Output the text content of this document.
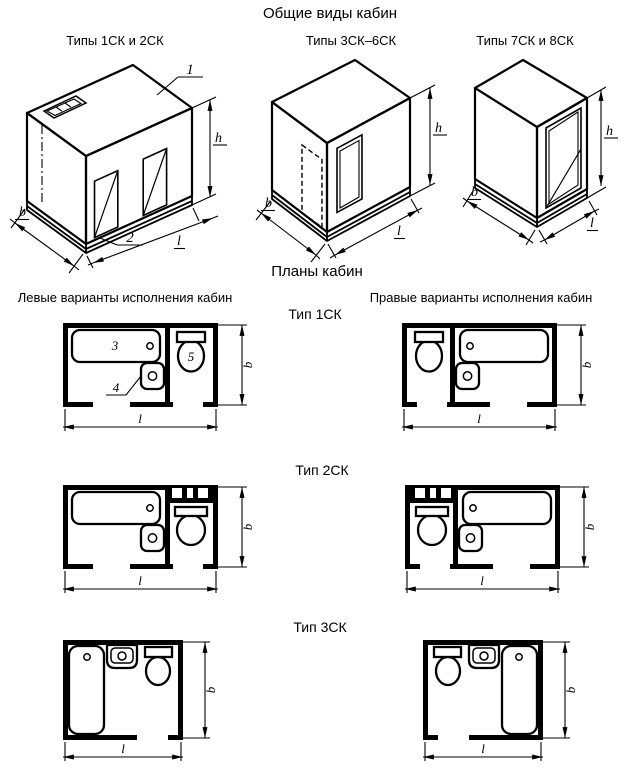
Общие виды кабин
Типы 1СК и 2СК	Типы 3СК–6СК	Типы 7СК и 8СК
Планы кабин
Левые варианты исполнения кабин	Правые варианты исполнения кабин
Тип 1СК
Тип 2СК
Тип 3СК
h
b
l
1
2
h
b
l
h
b
l
b
l
3
4
5
b
l
